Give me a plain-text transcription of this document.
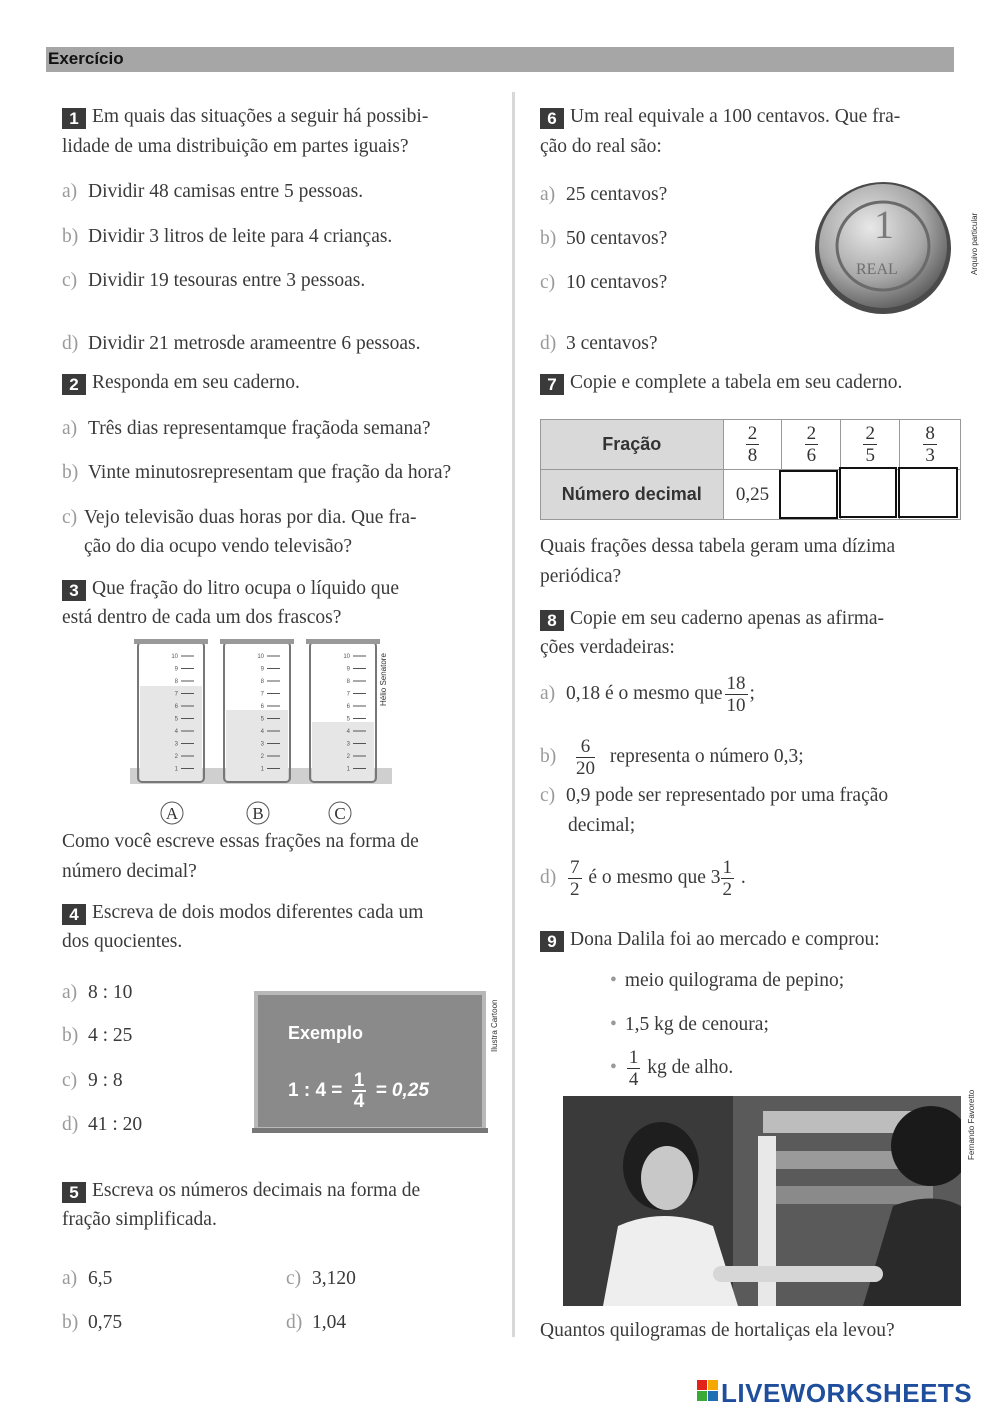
Exercício
1 Em quais das situações a seguir há possibi-
lidade de uma distribuição em partes iguais?
a) Dividir 48 camisas entre 5 pessoas.
b) Dividir 3 litros de leite para 4 crianças.
c) Dividir 19 tesouras entre 3 pessoas.
d) Dividir 21 metrosde arameentre 6 pessoas.
2 Responda em seu caderno.
a) Três dias representamque fraçãoda semana?
b) Vinte minutosrepresentam que fração da hora?
c) Vejo televisão duas horas por dia. Que fra-
ção do dia ocupo vendo televisão?
3 Que fração do litro ocupa o líquido que
está dentro de cada um dos frascos?
10
9
8
7
6
5
4
3
2
1
10
9
8
7
6
5
4
3
2
1
10
9
8
7
6
5
4
3
2
1
A	B	C
Hélio Senatore
Como você escreve essas frações na forma de
número decimal?
4 Escreva de dois modos diferentes cada um
dos quocientes.
a) 8 : 10
b) 4 : 25
c) 9 : 8
d) 41 : 20
Exemplo
1 : $4 = \frac{1}{4} = 0,25$
Ilustra Cartoon
5 Escreva os números decimais na forma de
fração simplificada.
a) 6,5
b) 0,75
c) 3,120
d) 1,04
6 Um real equivale a 100 centavos. Que fra-
ção do real são:
a) 25 centavos?
b) 50 centavos?
c) 10 centavos?
d) 3 centavos?
1
REAL	Arquivo particular
7 Copie e complete a tabela em seu caderno.
Fração	$\frac{2}{8}$	$\frac{2}{6}$	$\frac{2}{5}$	$\frac{8}{3}$

Número decimal	0,25			
Quais frações dessa tabela geram uma dízima
periódica?
8 Copie em seu caderno apenas as afirma-
ções verdadeiras:
a) 0,18 é o mesmo que $\frac{18}{10}$ ;
$b) \frac{6}{20}$ representa o número 0,3;
c) 0,9 pode ser representado por uma fração
decimal;
$d) \frac{7}{2}$ é o mesmo que $3 \frac{1}{2}$ .
9 Dona Dalila foi ao mercado e comprou:
• meio quilograma de pepino;
• 1,5 kg de cenoura;
• $\frac{1}{4}$ kg de alho.
Fernando Favoretto
Quantos quilogramas de hortaliças ela levou?
LIVEWORKSHEETS
